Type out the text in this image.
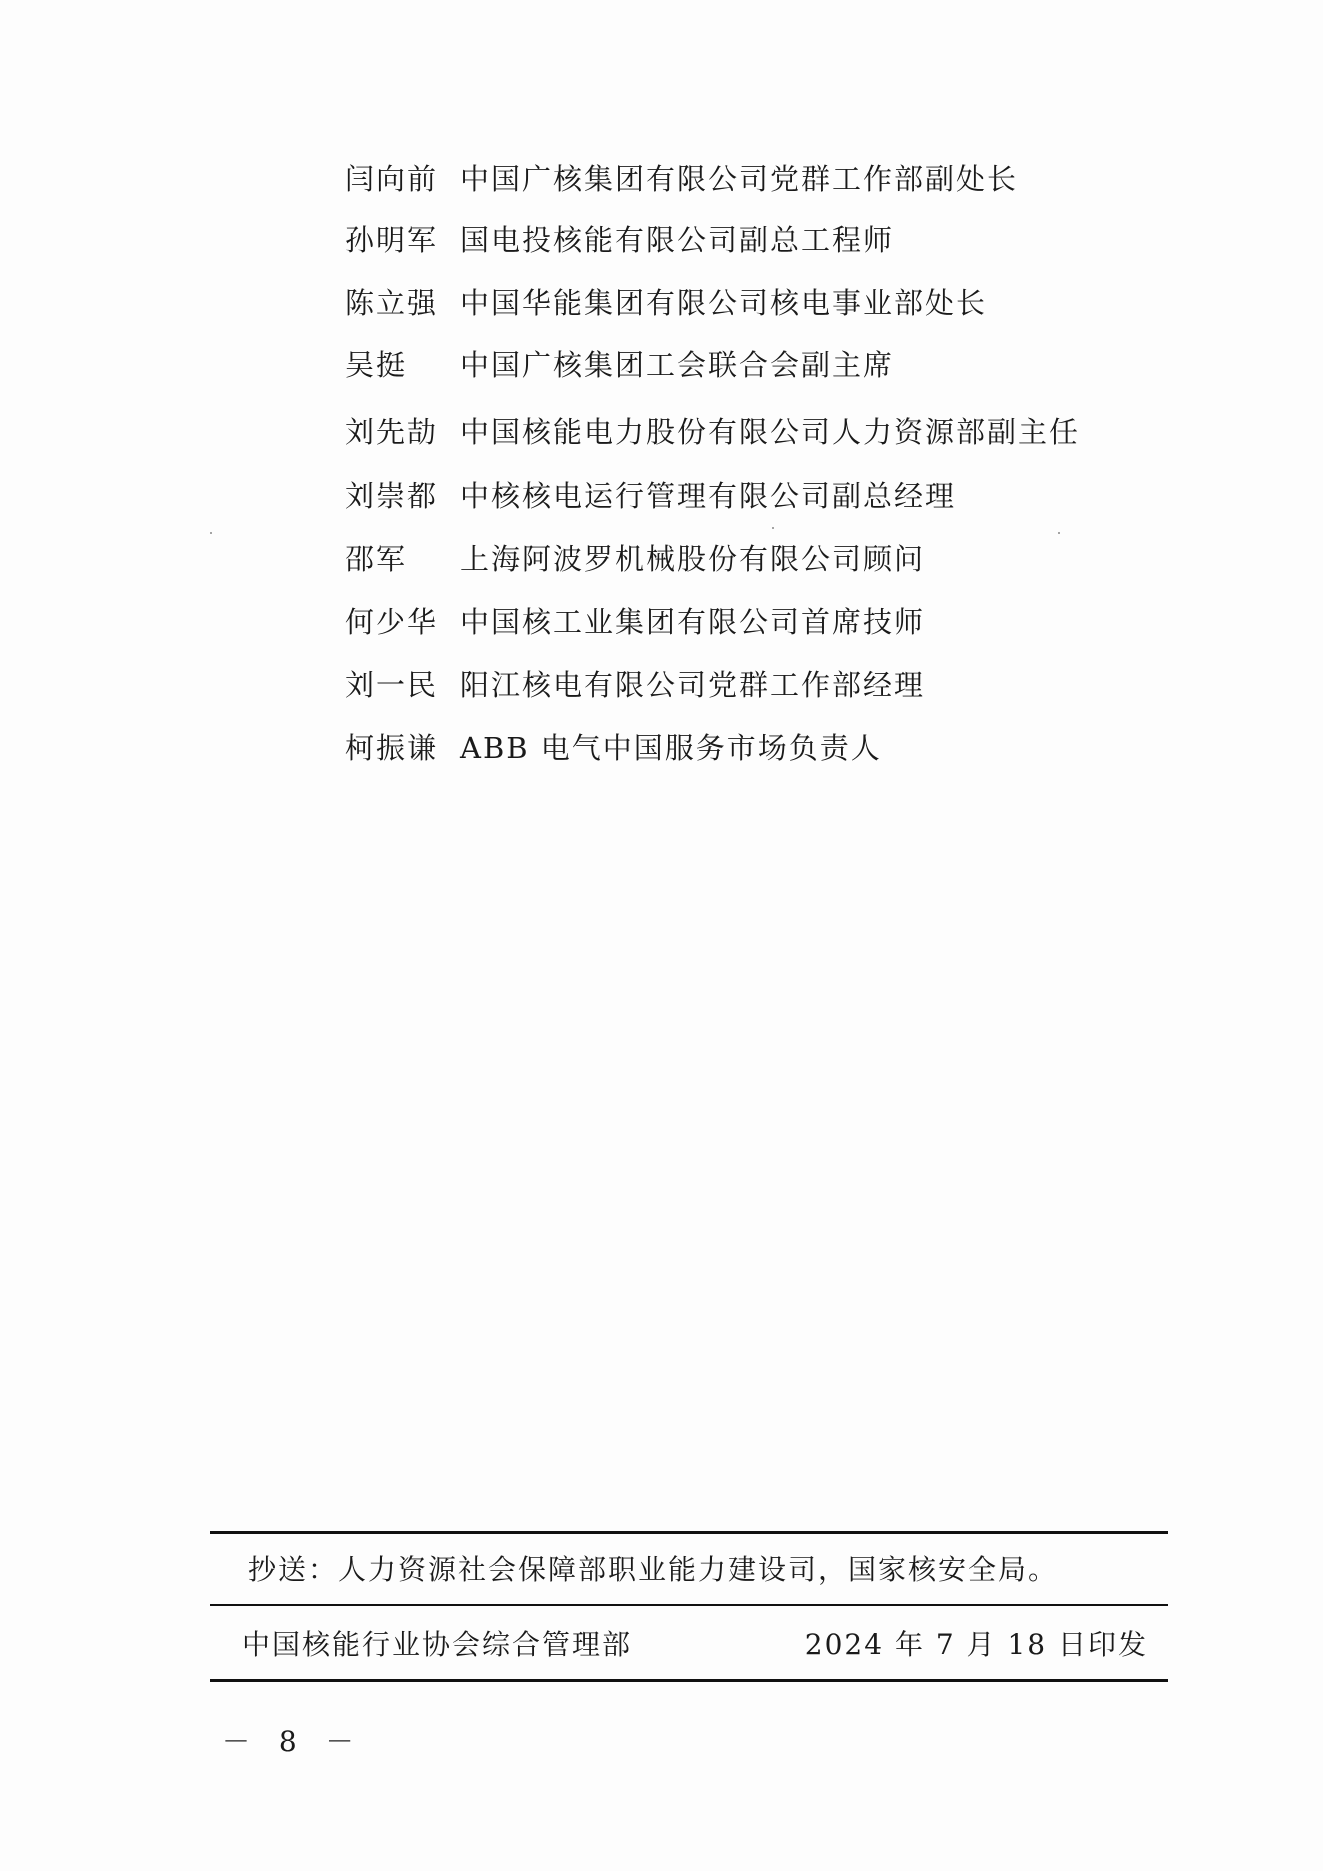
闫向前 中国广核集团有限公司党群工作部副处长
孙明军 国电投核能有限公司副总工程师
陈立强 中国华能集团有限公司核电事业部处长
吴挺	中国广核集团工会联合会副主席
刘先劼 中国核能电力股份有限公司人力资源部副主任
刘崇都 中核核电运行管理有限公司副总经理
邵军	上海阿波罗机械股份有限公司顾问
何少华 中国核工业集团有限公司首席技师
刘一民 阳江核电有限公司党群工作部经理
柯振谦 ABB 电气中国服务市场负责人
抄送：人力资源社会保障部职业能力建设司，国家核安全局。
中国核能行业协会综合管理部	2024 年 7 月 18 日印发
－ 8 －
